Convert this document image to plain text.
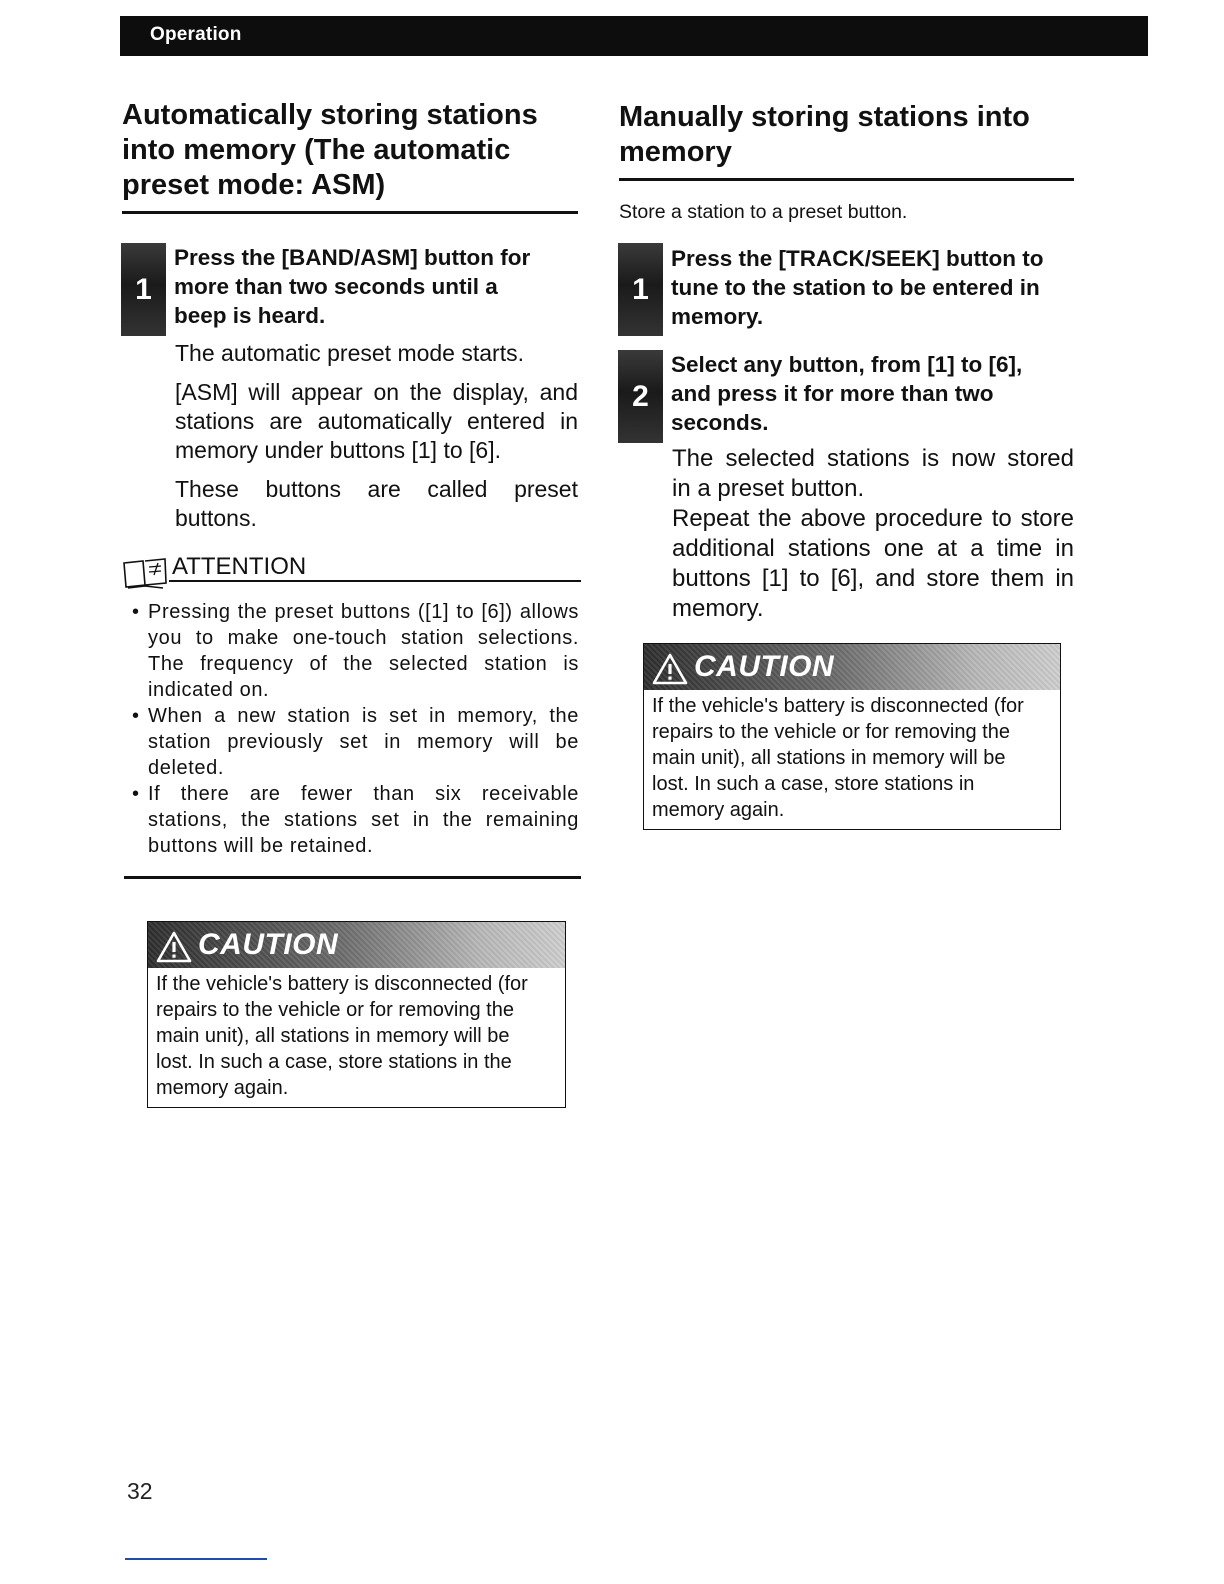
Operation
Automatically storing stations
into memory (The automatic
preset mode: ASM)
1
Press the [BAND/ASM] button for
more than two seconds until a
beep is heard.
The automatic preset mode starts.
[ASM] will appear on the display, and
stations are automatically entered in
memory under buttons [1] to [6].
These buttons are called preset
buttons.
ATTENTION
• Pressing the preset buttons ([1] to [6]) allows you to make one-touch station selections. The frequency of the selected station is indicated on.
• When a new station is set in memory, the station previously set in memory will be deleted.
• If there are fewer than six receivable stations, the stations set in the remaining buttons will be retained.
CAUTION
If the vehicle's battery is disconnected (for
repairs to the vehicle or for removing the
main unit), all stations in memory will be
lost. In such a case, store stations in the
memory again.
Manually storing stations into
memory
Store a station to a preset button.
1
Press the [TRACK/SEEK] button to
tune to the station to be entered in
memory.
2
Select any button, from [1] to [6],
and press it for more than two
seconds.
The selected stations is now stored
in a preset button.
Repeat the above procedure to store
additional stations one at a time in
buttons [1] to [6], and store them in
memory.
CAUTION
If the vehicle's battery is disconnected (for
repairs to the vehicle or for removing the
main unit), all stations in memory will be
lost. In such a case, store stations in
memory again.
32
